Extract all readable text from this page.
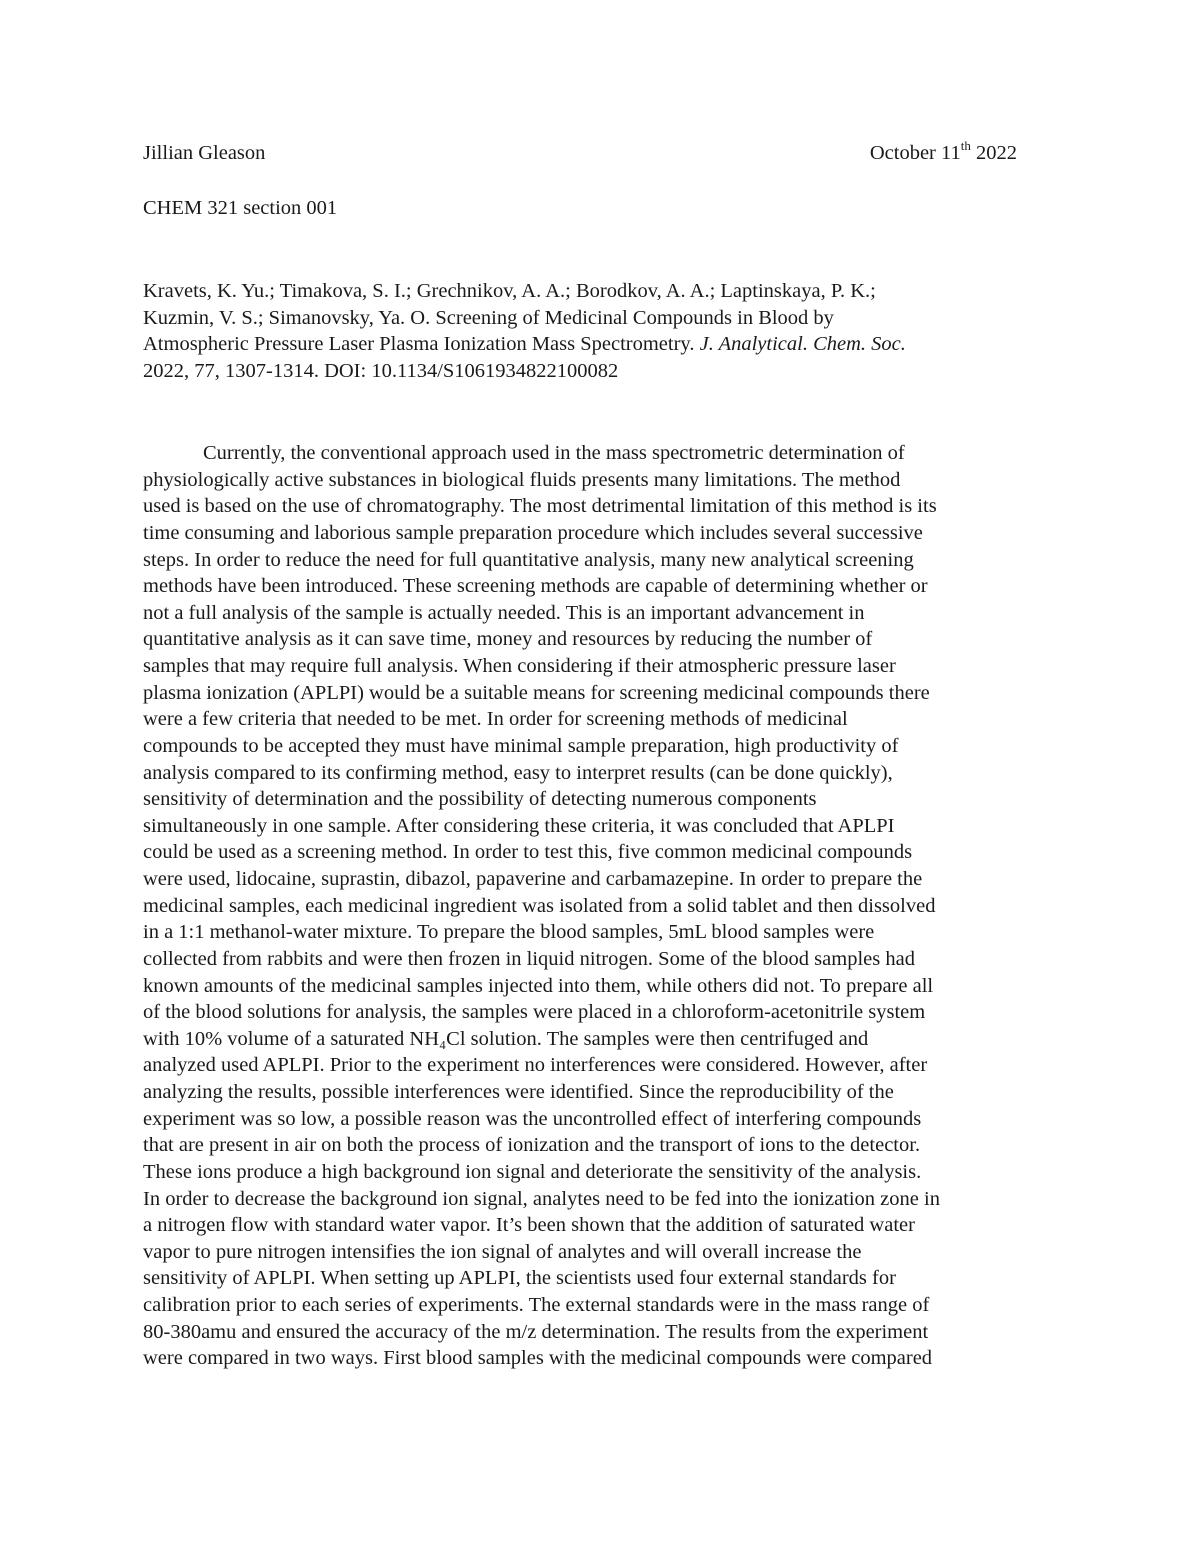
Jillian Gleason	October 11th 2022
CHEM 321 section 001
Kravets, K. Yu.; Timakova, S. I.; Grechnikov, A. A.; Borodkov, A. A.; Laptinskaya, P. K.;
Kuzmin, V. S.; Simanovsky, Ya. O. Screening of Medicinal Compounds in Blood by
Atmospheric Pressure Laser Plasma Ionization Mass Spectrometry. J. Analytical. Chem. Soc.
2022, 77, 1307-1314. DOI: 10.1134/S1061934822100082
Currently, the conventional approach used in the mass spectrometric determination of
physiologically active substances in biological fluids presents many limitations. The method
used is based on the use of chromatography. The most detrimental limitation of this method is its
time consuming and laborious sample preparation procedure which includes several successive
steps. In order to reduce the need for full quantitative analysis, many new analytical screening
methods have been introduced. These screening methods are capable of determining whether or
not a full analysis of the sample is actually needed. This is an important advancement in
quantitative analysis as it can save time, money and resources by reducing the number of
samples that may require full analysis. When considering if their atmospheric pressure laser
plasma ionization (APLPI) would be a suitable means for screening medicinal compounds there
were a few criteria that needed to be met. In order for screening methods of medicinal
compounds to be accepted they must have minimal sample preparation, high productivity of
analysis compared to its confirming method, easy to interpret results (can be done quickly),
sensitivity of determination and the possibility of detecting numerous components
simultaneously in one sample. After considering these criteria, it was concluded that APLPI
could be used as a screening method. In order to test this, five common medicinal compounds
were used, lidocaine, suprastin, dibazol, papaverine and carbamazepine. In order to prepare the
medicinal samples, each medicinal ingredient was isolated from a solid tablet and then dissolved
in a 1:1 methanol-water mixture. To prepare the blood samples, 5mL blood samples were
collected from rabbits and were then frozen in liquid nitrogen. Some of the blood samples had
known amounts of the medicinal samples injected into them, while others did not. To prepare all
of the blood solutions for analysis, the samples were placed in a chloroform-acetonitrile system
with 10% volume of a saturated NH₄Cl solution. The samples were then centrifuged and
analyzed used APLPI. Prior to the experiment no interferences were considered. However, after
analyzing the results, possible interferences were identified. Since the reproducibility of the
experiment was so low, a possible reason was the uncontrolled effect of interfering compounds
that are present in air on both the process of ionization and the transport of ions to the detector.
These ions produce a high background ion signal and deteriorate the sensitivity of the analysis.
In order to decrease the background ion signal, analytes need to be fed into the ionization zone in
a nitrogen flow with standard water vapor. It’s been shown that the addition of saturated water
vapor to pure nitrogen intensifies the ion signal of analytes and will overall increase the
sensitivity of APLPI. When setting up APLPI, the scientists used four external standards for
calibration prior to each series of experiments. The external standards were in the mass range of
80-380amu and ensured the accuracy of the m/z determination. The results from the experiment
were compared in two ways. First blood samples with the medicinal compounds were compared
